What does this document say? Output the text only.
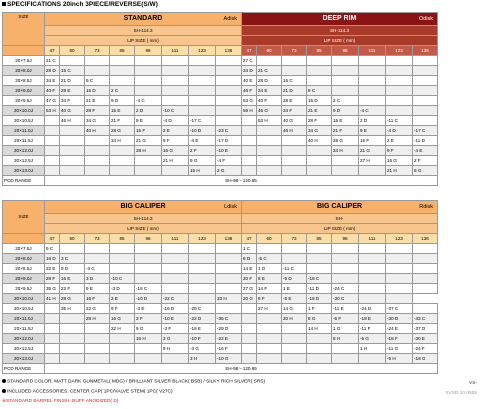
SPECIFICATIONS 20inch 3PIECE/REVERSE(S/W)
SIZE	STANDARD Adisk								DEEP RIM Odisk							

	SH-114.3								SH-114.3							
	LIP SIZE ( mm)								LIP SIZE ( mm)							
	47	60	73	85	98	111	123	136	47	60	73	85	98	111	123	136
20×7.5J	21 C								27 C							
20×8.0J	28 D	15 C							34 D	21 C						
20×8.5J	34 E	21 D	9 C						40 E	28 D	15 C					
20×9.0J	40 F	28 E	15 D	2 C					46 F	34 E	21 D	9 C				
20×9.5J	47 G	34 F	21 E	9 D	-4 C				53 G	40 F	28 E	15 D	2 C			
20×10.0J	53 H	40 G	28 F	15 E	2 D	-10 C			59 H	46 G	34 F	21 E	9 D	-4 C		
20×10.5J		46 H	34 G	21 F	9 E	-4 D	-17 C			53 H	40 G	28 F	15 E	2 D	-11 C	
20×11.0J			40 H	28 G	15 F	2 E	-10 D	-23 C			46 H	34 G	21 F	9 E	-4 D	-17 C
20×11.5J				34 H	21 G	9 F	-4 E	-17 D				40 H	28 G	15 F	2 E	-11 D
20×12.0J					28 H	15 G	2 F	-10 E					34 H	21 G	9 F	-4 E
20×12.5J						21 H	9 G	-4 F						27 H	15 G	2 F
20×13.0J							15 H	2 G							21 H	9 G
PCD RANGE	SH-98～120.65															
SIZE	BIG CALIPER Ldisk								BIG CALIPER Rdisk							

	SH-114.3								SH-							
	LIP SIZE ( mm)								LIP SIZE ( mm)							
	47	60	73	85	98	111	123	136	47	60	73	85	98	111	123	136
20×7.5J	9 C								1 C							
20×8.0J	16 D	3 C							8 D	-5 C						
20×8.5J	22 E	9 D	-3 C						14 E	1 D	-11 C					
20×9.0J	28 F	16 E	3 D	-10 C					20 F	8 E	-5 D	-18 C				
20×9.5J	35 G	22 F	9 E	-3 D	-16 C				27 G	14 F	1 E	-11 D	-24 C			
20×10.0J	41 H	28 G	16 F	3 E	-10 D	-22 C		33 H	20 G	8 F	-5 E	-18 D	-30 C			
20×10.5J		35 H	22 G	9 F	-3 E	-16 D	-29 C			27 H	14 G	1 F	-11 E	-24 D	-37 C	
20×11.0J			28 H	16 G	3 F	-10 E	-22 D	-35 C			20 H	8 G	-5 F	-18 E	-30 D	-43 C
20×11.5J				22 H	9 G	-3 F	-16 E	-29 D				14 H	1 G	-11 F	-24 E	-37 D
20×12.0J					16 H	3 G	-10 F	-22 E					8 H	-5 G	-18 F	-30 E
20×12.5J						9 H	-3 G	-16 F						1 H	-11 G	-24 F
20×13.0J							3 H	-10 G							-5 H	-18 G
PCD RANGE	SH-98～120.65															
STANDARD COLOR: MATT DARK GUNMETAL( MDG) / BRILLIANT SILVER BLACK( BSB) / SILKY RICH SILVER( SRS)
INCLUDED ACCESSORIES: CENTER CAP( 1PC/VALVE STEM( 1PC( V27C)
※STANDARD BARREL FINISH: BUFF ANODIZED( D)
VS-
XVSD 10 0555
